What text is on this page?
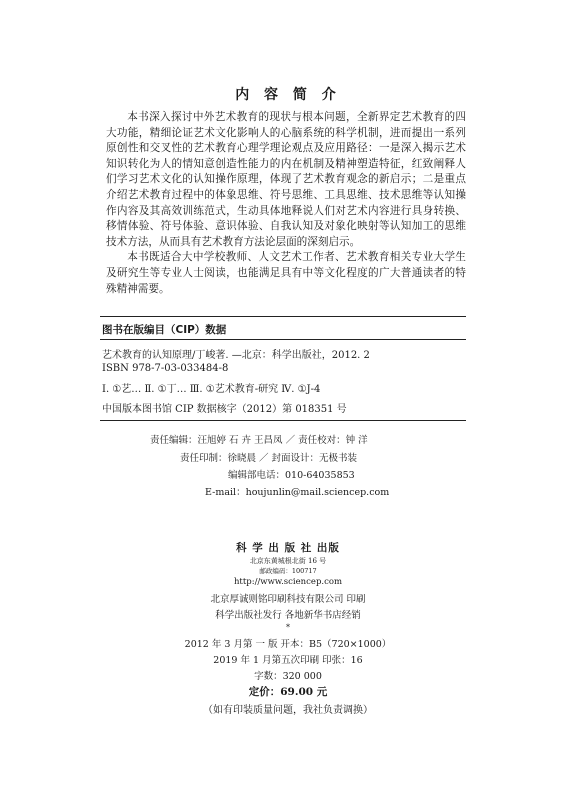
内 容 简 介

本书深入探讨中外艺术教育的现状与根本问题，全新界定艺术教育的四大功能，精细论证艺术文化影响人的心脑系统的科学机制，进而提出一系列原创性和交叉性的艺术教育心理学理论观点及应用路径：一是深入揭示艺术知识转化为人的情知意创造性能力的内在机制及精神塑造特征，红致阐释人们学习艺术文化的认知操作原理，体现了艺术教育观念的新启示；二是重点介绍艺术教育过程中的体象思维、符号思维、工具思维、技术思维等认知操作内容及其高效训练范式，生动具体地释说人们对艺术内容进行具身转换、移情体验、符号体验、意识体验、自我认知及对象化映射等认知加工的思维技术方法，从而具有艺术教育方法论层面的深刻启示。

本书既适合大中学校教师、人文艺术工作者、艺术教育相关专业大学生及研究生等专业人士阅读，也能满足具有中等文化程度的广大普通读者的特殊精神需要。

图书在版编目（CIP）数据
艺术教育的认知原理/丁峻著. —北京：科学出版社，2012. 2
ISBN 978-7-03-033484-8
Ⅰ. ①艺… Ⅱ. ①丁… Ⅲ. ①艺术教育-研究 Ⅳ. ①J-4
中国版本图书馆 CIP 数据核字（2012）第 018351 号
责任编辑：汪旭婷 石 卉 王昌凤 ／ 责任校对：钟 洋
责任印制：徐晓晨 ／ 封面设计：无极书装
编辑部电话：010-64035853
E-mail：houjunlin@mail.sciencep.com
科 学 出 版 社 出版
北京东黄城根北街 16 号
邮政编码：100717
http://www.sciencep.com
北京厚诚则铭印刷科技有限公司 印刷
科学出版社发行 各地新华书店经销
*
2012 年 3 月第 一 版 开本：B5（720×1000）
2019 年 1 月第五次印刷 印张：16
字数：320 000
定价：69.00 元
（如有印装质量问题，我社负责调换）
